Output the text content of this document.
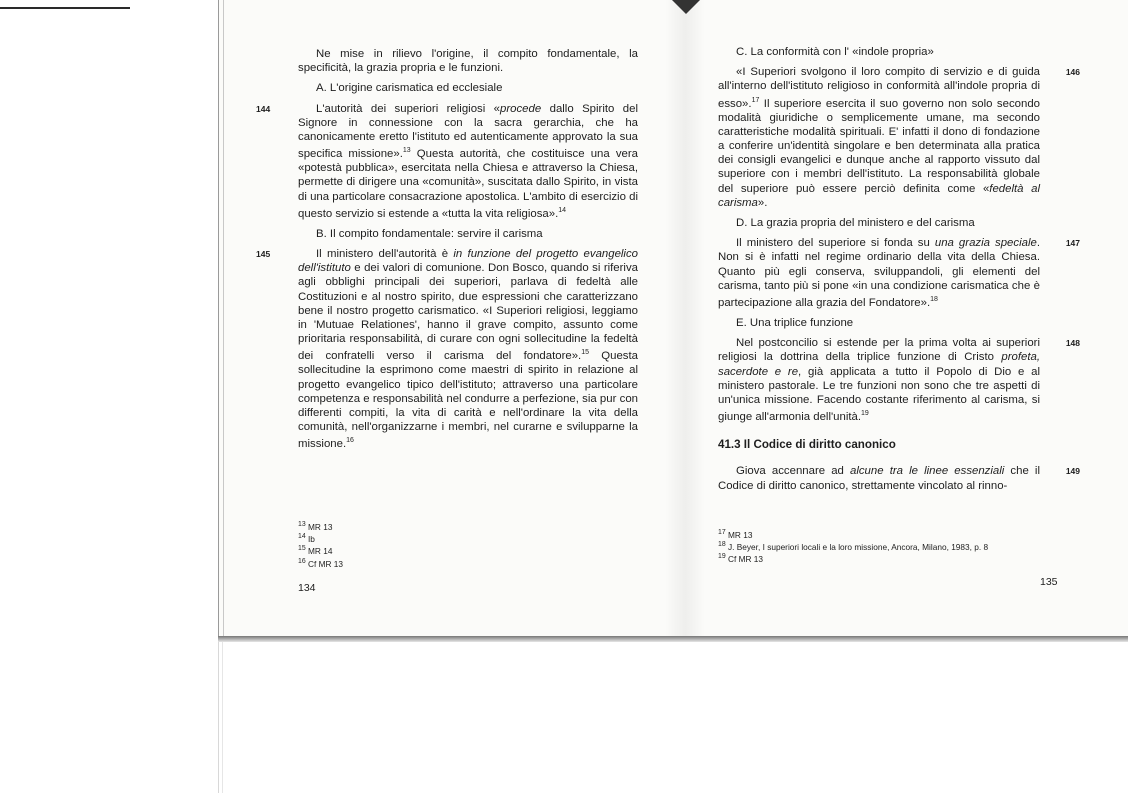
Ne mise in rilievo l'origine, il compito fondamentale, la specificità, la grazia propria e le funzioni.

A. L'origine carismatica ed ecclesiale

144	L'autorità dei superiori religiosi «procede dallo Spirito del Signore in connessione con la sacra gerarchia, che ha canonicamente eretto l'istituto ed autenticamente approvato la sua specifica missione».$^{13}$ Questa autorità, che costituisce una vera «potestà pubblica», esercitata nella Chiesa e attraverso la Chiesa, permette di dirigere una «comunità», suscitata dallo Spirito, in vista di una particolare consacrazione apostolica. L'ambito di esercizio di questo servizio si estende a «tutta la vita religiosa».$^{14}$

B. Il compito fondamentale: servire il carisma

145	Il ministero dell'autorità è in funzione del progetto evangelico dell'istituto e dei valori di comunione. Don Bosco, quando si riferiva agli obblighi principali dei superiori, parlava di fedeltà alle Costituzioni e al nostro spirito, due espressioni che caratterizzano bene il nostro progetto carismatico. «I Superiori religiosi, leggiamo in 'Mutuae Relationes', hanno il grave compito, assunto come prioritaria responsabilità, di curare con ogni sollecitudine la fedeltà dei confratelli verso il carisma del fondatore».$^{15}$ Questa sollecitudine la esprimono come maestri di spirito in relazione al progetto evangelico tipico dell'istituto; attraverso una particolare competenza e responsabilità nel condurre a perfezione, sia pur con differenti compiti, la vita di carità e nell'ordinare la vita della comunità, nell'organizzarne i membri, nel curarne e svilupparne la missione.$^{16}$

$^{13}$ MR 13
$^{14}$ Ib
$^{15}$ MR 14
$^{16}$ Cf MR 13
134
C. La conformità con l' «indole propria»

146
«I Superiori svolgono il loro compito di servizio e di guida all'interno dell'istituto religioso in conformità all'indole propria di esso».$^{17}$ Il superiore esercita il suo governo non solo secondo modalità giuridiche o semplicemente umane, ma secondo caratteristiche modalità spirituali. E' infatti il dono di fondazione a conferire un'identità singolare e ben determinata alla pratica dei consigli evangelici e dunque anche al rapporto vissuto dal superiore con i membri dell'istituto. La responsabilità globale del superiore può essere perciò definita come «fedeltà al carisma».

D. La grazia propria del ministero e del carisma

147
Il ministero del superiore si fonda su una grazia speciale. Non si è infatti nel regime ordinario della vita della Chiesa. Quanto più egli conserva, sviluppandoli, gli elementi del carisma, tanto più si pone «in una condizione carismatica che è partecipazione alla grazia del Fondatore».$^{18}$

E. Una triplice funzione

148
Nel postconcilio si estende per la prima volta ai superiori religiosi la dottrina della triplice funzione di Cristo profeta, sacerdote e re, già applicata a tutto il Popolo di Dio e al ministero pastorale. Le tre funzioni non sono che tre aspetti di un'unica missione. Facendo costante riferimento al carisma, si giunge all'armonia dell'unità.$^{19}$

41.3 Il Codice di diritto canonico

149
Giova accennare ad alcune tra le linee essenziali che il Codice di diritto canonico, strettamente vincolato al rinno-

$^{17}$ MR 13
$^{18}$ J. Beyer, I superiori locali e la loro missione, Ancora, Milano, 1983, p. 8
$^{19}$ Cf MR 13
135
